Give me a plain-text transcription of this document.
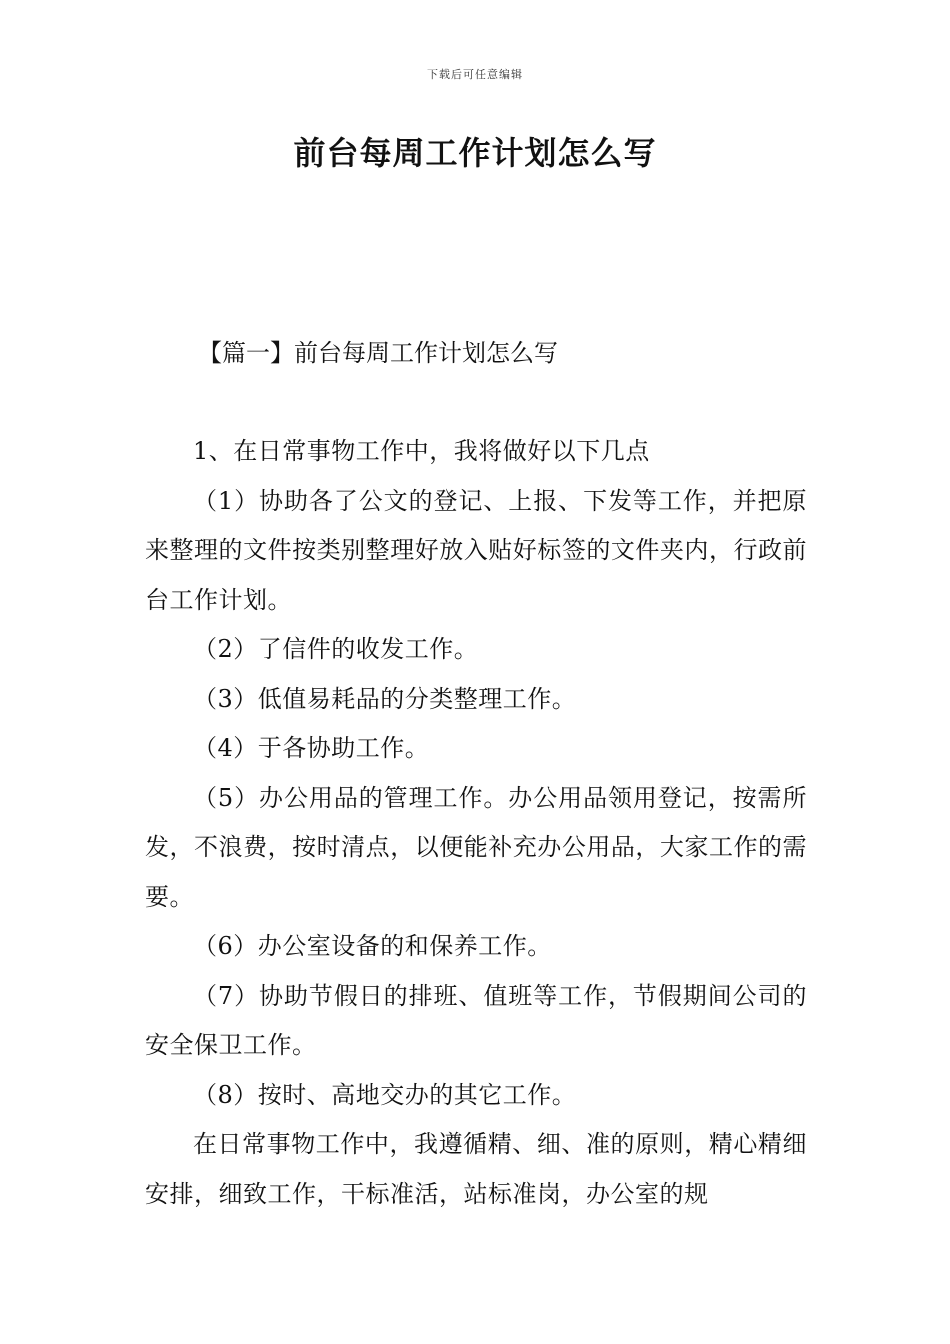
下载后可任意编辑
前台每周工作计划怎么写
【篇一】前台每周工作计划怎么写

1、在日常事物工作中，我将做好以下几点

（1）协助各了公文的登记、上报、下发等工作，并把原来整理的文件按类别整理好放入贴好标签的文件夹内，行政前台工作计划。

（2）了信件的收发工作。

（3）低值易耗品的分类整理工作。

（4）于各协助工作。

（5）办公用品的管理工作。办公用品领用登记，按需所发，不浪费，按时清点，以便能补充办公用品，大家工作的需要。

（6）办公室设备的和保养工作。

（7）协助节假日的排班、值班等工作，节假期间公司的安全保卫工作。

（8）按时、高地交办的其它工作。

在日常事物工作中，我遵循精、细、准的原则，精心精细安排，细致工作，干标准活，站标准岗，办公室的规
